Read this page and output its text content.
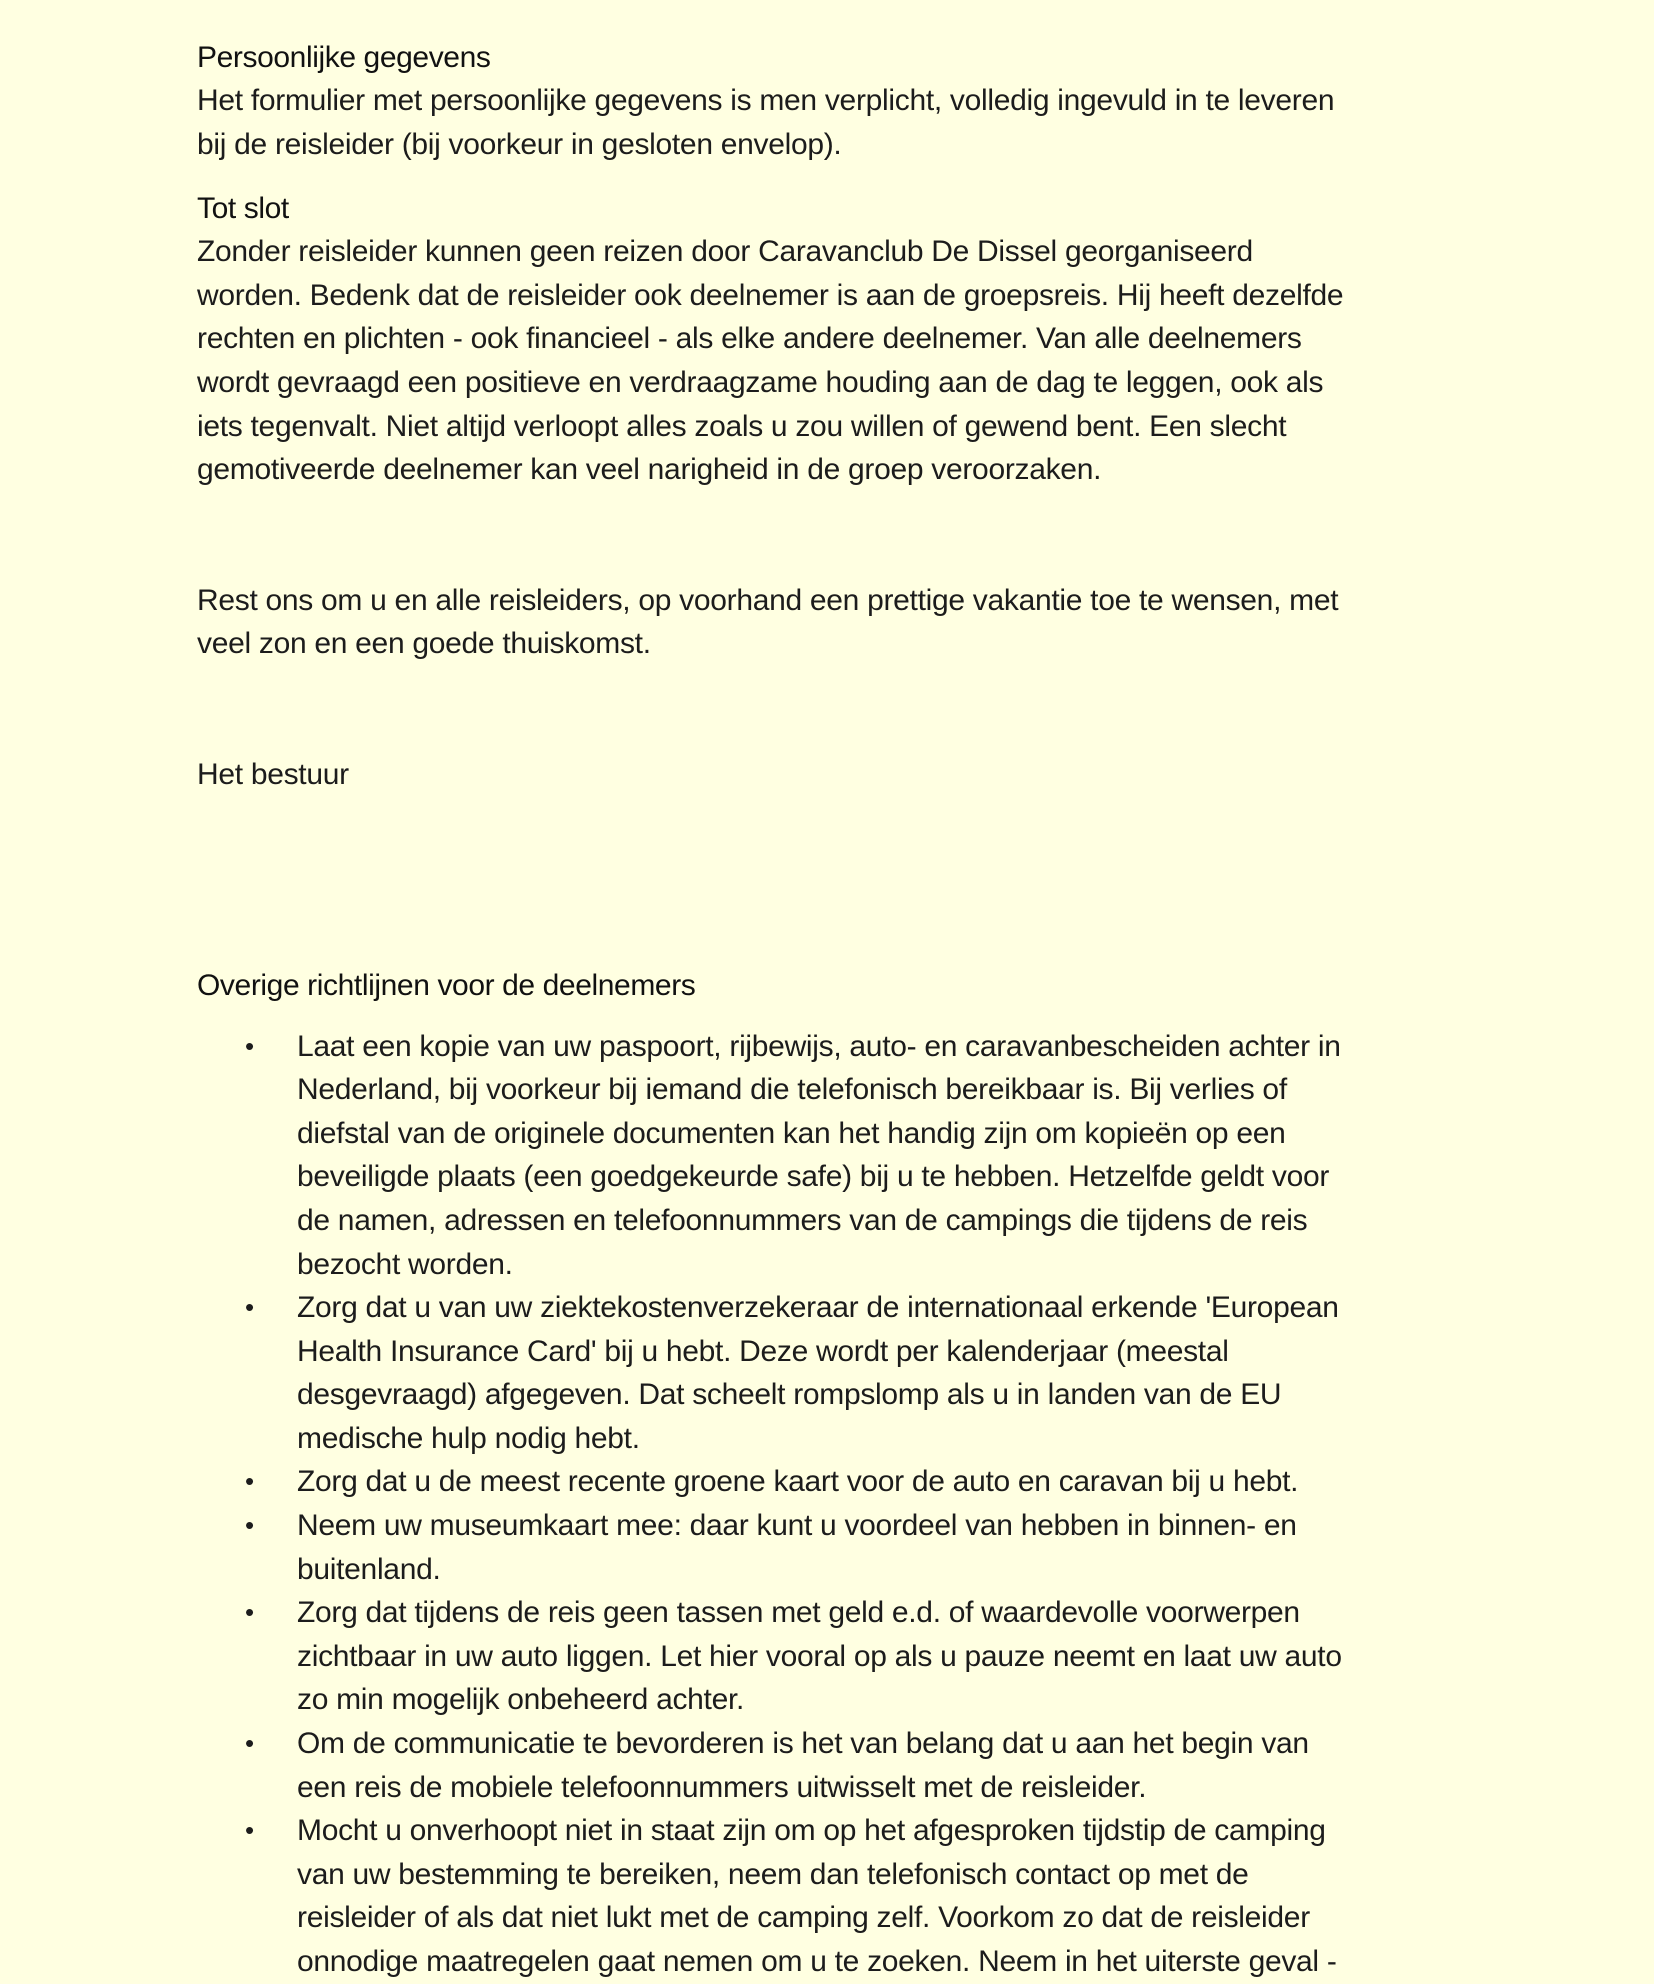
Persoonlijke gegevens

Het formulier met persoonlijke gegevens is men verplicht, volledig ingevuld in te leveren
bij de reisleider (bij voorkeur in gesloten envelop).

Tot slot

Zonder reisleider kunnen geen reizen door Caravanclub De Dissel georganiseerd
worden. Bedenk dat de reisleider ook deelnemer is aan de groepsreis. Hij heeft dezelfde
rechten en plichten - ook financieel - als elke andere deelnemer. Van alle deelnemers
wordt gevraagd een positieve en verdraagzame houding aan de dag te leggen, ook als
iets tegenvalt. Niet altijd verloopt alles zoals u zou willen of gewend bent. Een slecht
gemotiveerde deelnemer kan veel narigheid in de groep veroorzaken.

Rest ons om u en alle reisleiders, op voorhand een prettige vakantie toe te wensen, met
veel zon en een goede thuiskomst.

Het bestuur

Overige richtlijnen voor de deelnemers
• Laat een kopie van uw paspoort, rijbewijs, auto- en caravanbescheiden achter in
Nederland, bij voorkeur bij iemand die telefonisch bereikbaar is. Bij verlies of
diefstal van de originele documenten kan het handig zijn om kopieën op een
beveiligde plaats (een goedgekeurde safe) bij u te hebben. Hetzelfde geldt voor
de namen, adressen en telefoonnummers van de campings die tijdens de reis
bezocht worden.
• Zorg dat u van uw ziektekostenverzekeraar de internationaal erkende 'European
Health Insurance Card' bij u hebt. Deze wordt per kalenderjaar (meestal
desgevraagd) afgegeven. Dat scheelt rompslomp als u in landen van de EU
medische hulp nodig hebt.
• Zorg dat u de meest recente groene kaart voor de auto en caravan bij u hebt.
• Neem uw museumkaart mee: daar kunt u voordeel van hebben in binnen- en
buitenland.
• Zorg dat tijdens de reis geen tassen met geld e.d. of waardevolle voorwerpen
zichtbaar in uw auto liggen. Let hier vooral op als u pauze neemt en laat uw auto
zo min mogelijk onbeheerd achter.
• Om de communicatie te bevorderen is het van belang dat u aan het begin van
een reis de mobiele telefoonnummers uitwisselt met de reisleider.
• Mocht u onverhoopt niet in staat zijn om op het afgesproken tijdstip de camping
van uw bestemming te bereiken, neem dan telefonisch contact op met de
reisleider of als dat niet lukt met de camping zelf. Voorkom zo dat de reisleider
onnodige maatregelen gaat nemen om u te zoeken. Neem in het uiterste geval -
